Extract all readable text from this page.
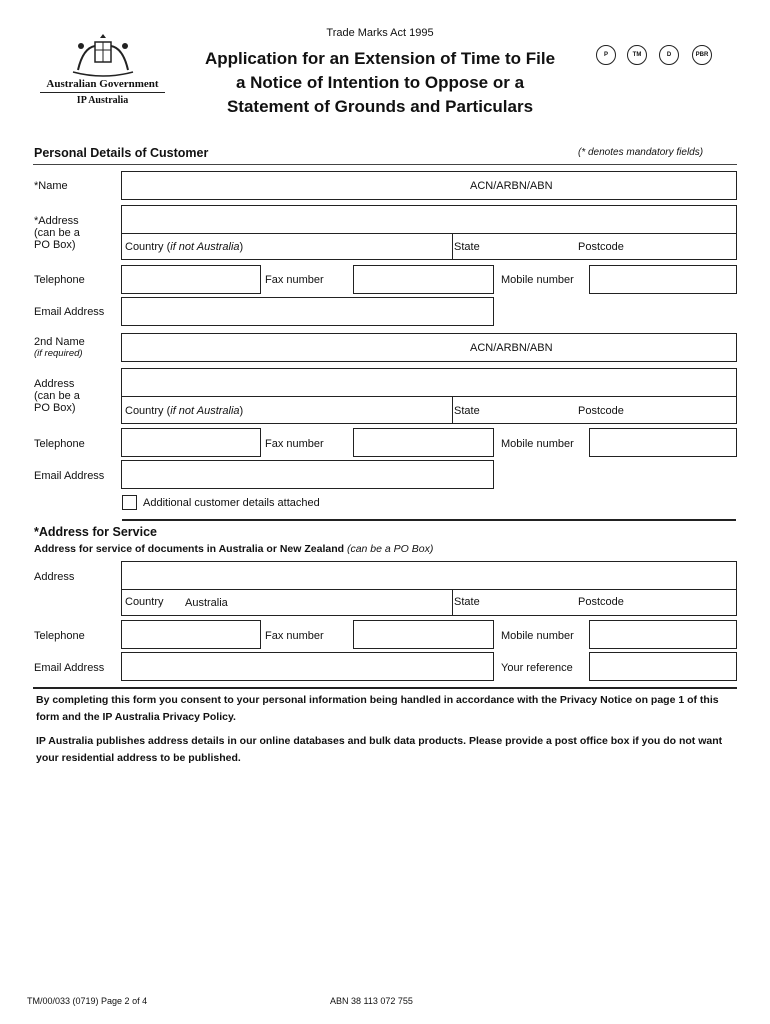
Australian Government
IP Australia
Trade Marks Act 1995
Application for an Extension of Time to File
a Notice of Intention to Oppose or a
Statement of Grounds and Particulars
P	TM	D	PBR
Personal Details of Customer	(* denotes mandatory fields)
*Name	ACN/ARBN/ABN
*Address
(can be a
PO Box)	Country (if not Australia)	State	Postcode
Telephone	Fax number	Mobile number
Email Address
2nd Name
(if required)	ACN/ARBN/ABN
Address
(can be a
PO Box)	Country (if not Australia)	State	Postcode
Telephone	Fax number	Mobile number
Email Address
Additional customer details attached
*Address for Service
Address for service of documents in Australia or New Zealand (can be a PO Box)
Address
Country Australia	State	Postcode
Telephone	Fax number	Mobile number
Email Address	Your reference
By completing this form you consent to your personal information being handled in accordance with the Privacy Notice on page 1 of this form and the IP Australia Privacy Policy.
IP Australia publishes address details in our online databases and bulk data products. Please provide a post office box if you do not want your residential address to be published.
TM/00/033 (0719) Page 2 of 4	ABN 38 113 072 755
